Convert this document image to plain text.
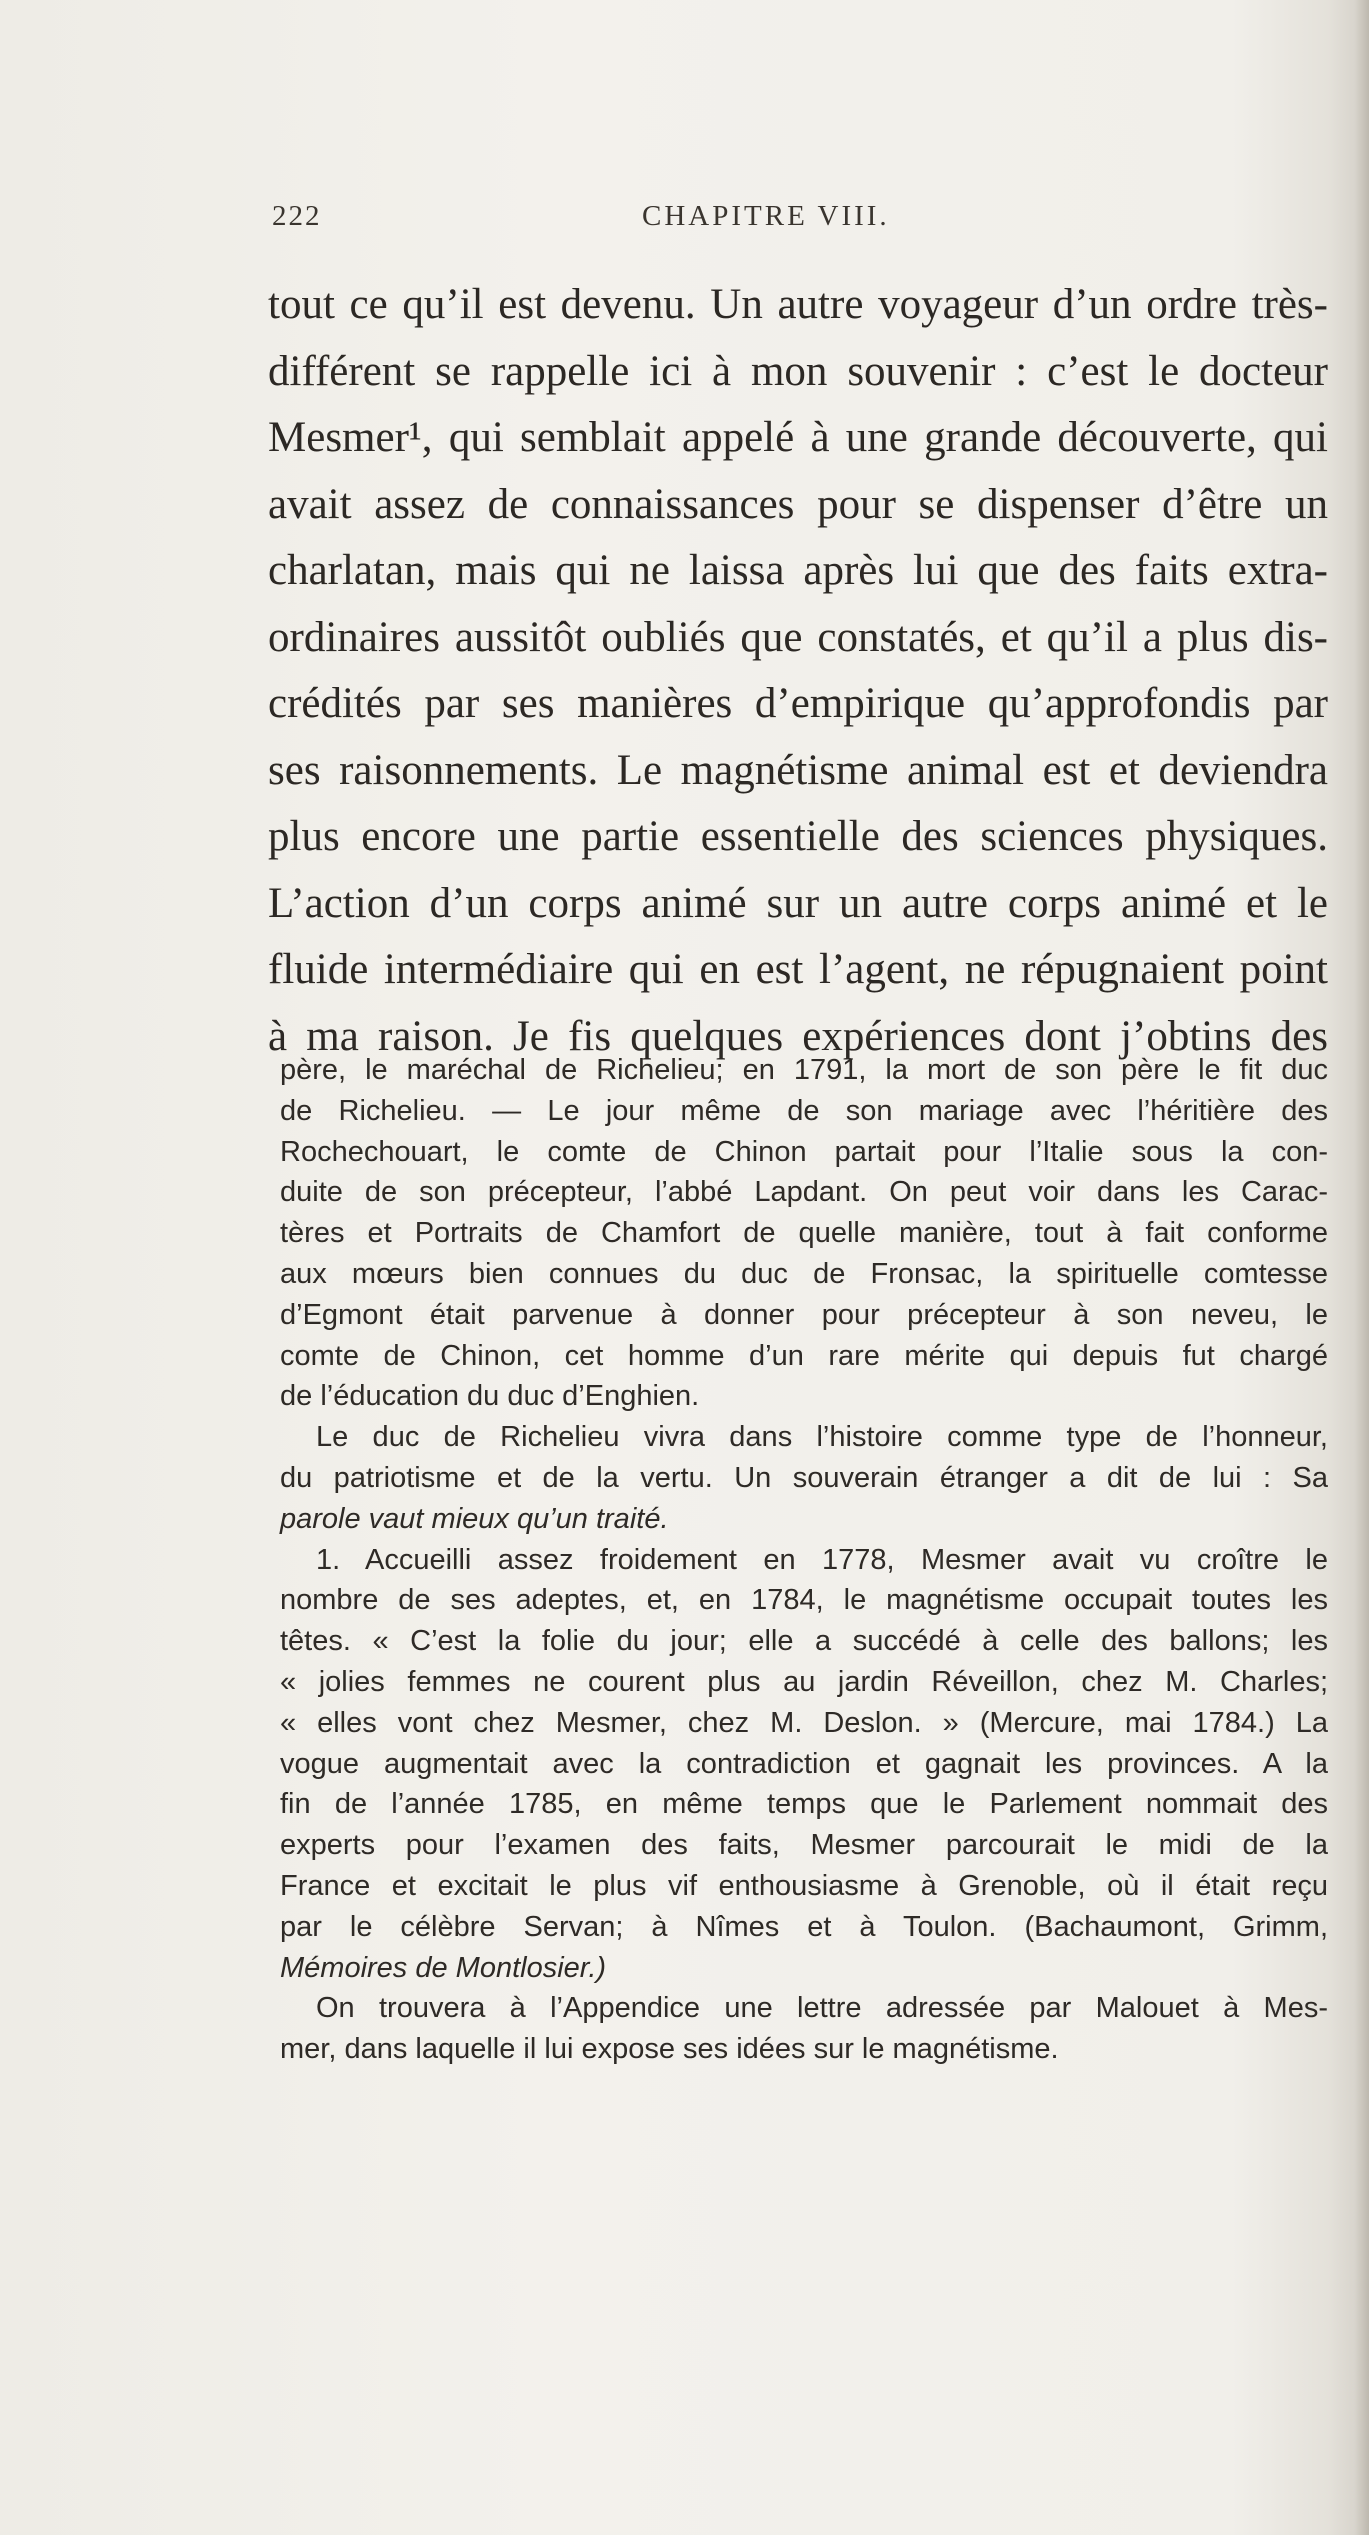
222	CHAPITRE VIII.
tout ce qu’il est devenu. Un autre voyageur d’un ordre très-
différent se rappelle ici à mon souvenir : c’est le docteur
Mesmer¹, qui semblait appelé à une grande découverte, qui
avait assez de connaissances pour se dispenser d’être un
charlatan, mais qui ne laissa après lui que des faits extra-
ordinaires aussitôt oubliés que constatés, et qu’il a plus dis-
crédités par ses manières d’empirique qu’approfondis par
ses raisonnements. Le magnétisme animal est et deviendra
plus encore une partie essentielle des sciences physiques.
L’action d’un corps animé sur un autre corps animé et le
fluide intermédiaire qui en est l’agent, ne répugnaient point
à ma raison. Je fis quelques expériences dont j’obtins des
père, le maréchal de Richelieu; en 1791, la mort de son père le fit duc
de Richelieu. — Le jour même de son mariage avec l’héritière des
Rochechouart, le comte de Chinon partait pour l’Italie sous la con-
duite de son précepteur, l’abbé Lapdant. On peut voir dans les Carac-
tères et Portraits de Chamfort de quelle manière, tout à fait conforme
aux mœurs bien connues du duc de Fronsac, la spirituelle comtesse
d’Egmont était parvenue à donner pour précepteur à son neveu, le
comte de Chinon, cet homme d’un rare mérite qui depuis fut chargé
de l’éducation du duc d’Enghien.
Le duc de Richelieu vivra dans l’histoire comme type de l’honneur,
du patriotisme et de la vertu. Un souverain étranger a dit de lui : Sa
parole vaut mieux qu’un traité.
1. Accueilli assez froidement en 1778, Mesmer avait vu croître le
nombre de ses adeptes, et, en 1784, le magnétisme occupait toutes les
têtes. « C’est la folie du jour; elle a succédé à celle des ballons; les
« jolies femmes ne courent plus au jardin Réveillon, chez M. Charles;
« elles vont chez Mesmer, chez M. Deslon. » (Mercure, mai 1784.) La
vogue augmentait avec la contradiction et gagnait les provinces. A la
fin de l’année 1785, en même temps que le Parlement nommait des
experts pour l’examen des faits, Mesmer parcourait le midi de la
France et excitait le plus vif enthousiasme à Grenoble, où il était reçu
par le célèbre Servan; à Nîmes et à Toulon. (Bachaumont, Grimm,
Mémoires de Montlosier.)
On trouvera à l’Appendice une lettre adressée par Malouet à Mes-
mer, dans laquelle il lui expose ses idées sur le magnétisme.
